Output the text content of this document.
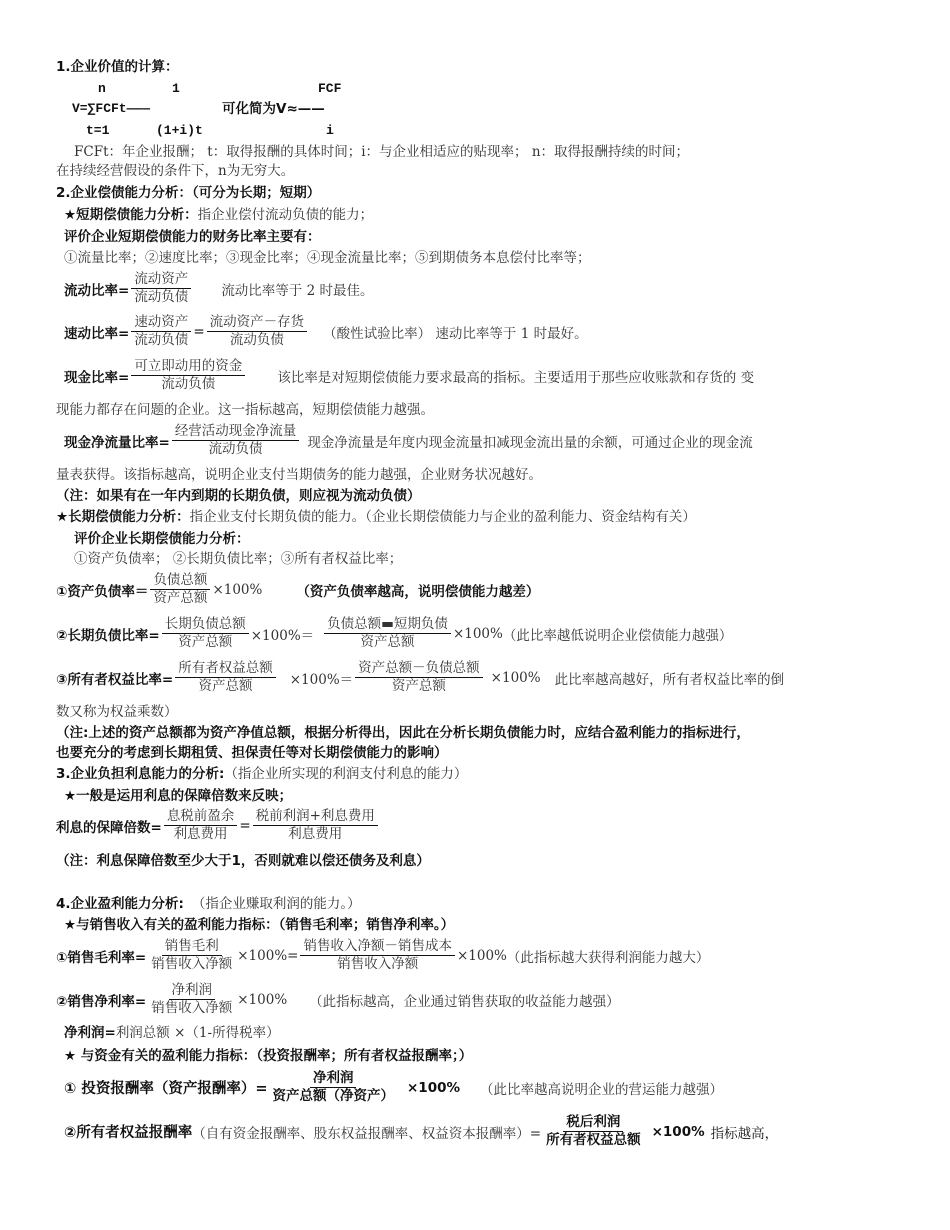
1.企业价值的计算：
n	1	FCF
V=∑FCFt———	可化简为V≈——
t=1	(1+i)t	i
FCFt：年企业报酬； t：取得报酬的具体时间；i：与企业相适应的贴现率； n：取得报酬持续的时间；
在持续经营假设的条件下，n为无穷大。
2.企业偿债能力分析：（可分为长期；短期）
★短期偿债能力分析：指企业偿付流动负债的能力；
评价企业短期偿债能力的财务比率主要有：
①流量比率；②速度比率；③现金比率；④现金流量比率；⑤到期债务本息偿付比率等；
流动比率= $\frac{\text{流动资产}}{\text{流动负债}}$ 流动比率等于 2 时最佳。
速动比率= $\frac{\text{速动资产}}{\text{流动负债}} = \frac{\text{流动资产－存货}}{\text{流动负债}}$ （酸性试验比率） 速动比率等于 1 时最好。
现金比率= $\frac{\text{可立即动用的资金}}{\text{流动负债}}$ 该比率是对短期偿债能力要求最高的指标。主要适用于那些应收账款和存货的 变
现能力都存在问题的企业。这一指标越高，短期偿债能力越强。
现金净流量比率= $\frac{\text{经营活动现金净流量}}{\text{流动负债}}$ 现金净流量是年度内现金流量扣减现金流出量的余额，可通过企业的现金流
量表获得。该指标越高，说明企业支付当期债务的能力越强，企业财务状况越好。
（注：如果有在一年内到期的长期负债，则应视为流动负债）
★长期偿债能力分析：指企业支付长期负债的能力。（企业长期偿债能力与企业的盈利能力、资金结构有关）
评价企业长期偿债能力分析：
①资产负债率； ②长期负债比率；③所有者权益比率；
①资产负债率＝ $\frac{\text{负债总额}}{\text{资产总额}} \times 100\%$	（资产负债率越高，说明偿债能力越差）
②长期负债比率= $\frac{\text{长期负债总额}}{\text{资产总额}} \times 100\%= \frac{\text{负债总额▬短期负债}}{\text{资产总额}} \times 100\%$ （此比率越低说明企业偿债能力越强）
③所有者权益比率= $\frac{\text{所有者权益总额}}{\text{资产总额}} \times 100\%= \frac{\text{资产总额－负债总额}}{\text{资产总额}} \times 100\%$ 此比率越高越好，所有者权益比率的倒
数又称为权益乘数）
（注:上述的资产总额都为资产净值总额，根据分析得出，因此在分析长期负债能力时，应结合盈利能力的指标进行，
也要充分的考虑到长期租赁、担保责任等对长期偿债能力的影响）
3.企业负担利息能力的分析:（指企业所实现的利润支付利息的能力）
★一般是运用利息的保障倍数来反映；
利息的保障倍数= $\frac{\text{息税前盈余}}{\text{利息费用}} = \frac{\text{税前利润+利息费用}}{\text{利息费用}}$
（注：利息保障倍数至少大于1，否则就难以偿还债务及利息）
4.企业盈利能力分析: （指企业赚取利润的能力。）
★与销售收入有关的盈利能力指标：（销售毛利率；销售净利率。）
①销售毛利率= $\frac{\text{销售毛利}}{\text{销售收入净额}} \times 100\%= \frac{\text{销售收入净额－销售成本}}{\text{销售收入净额}} \times 100\%$ （此指标越大获得利润能力越大）
②销售净利率= $\frac{\text{净利润}}{\text{销售收入净额}} \times 100\%$ （此指标越高，企业通过销售获取的收益能力越强）
净利润=利润总额 ×（1-所得税率）
★ 与资金有关的盈利能力指标：（投资报酬率；所有者权益报酬率；）
① 投资报酬率（资产报酬率）= $\frac{\text{净利润}}{\text{资产总额（净资产）}} \times 100\%$ （此比率越高说明企业的营运能力越强）
②所有者权益报酬率 （自有资金报酬率、股东权益报酬率、权益资本报酬率）= $\frac{\text{税后利润}}{\text{所有者权益总额}} \times 100\%$ 指标越高，
